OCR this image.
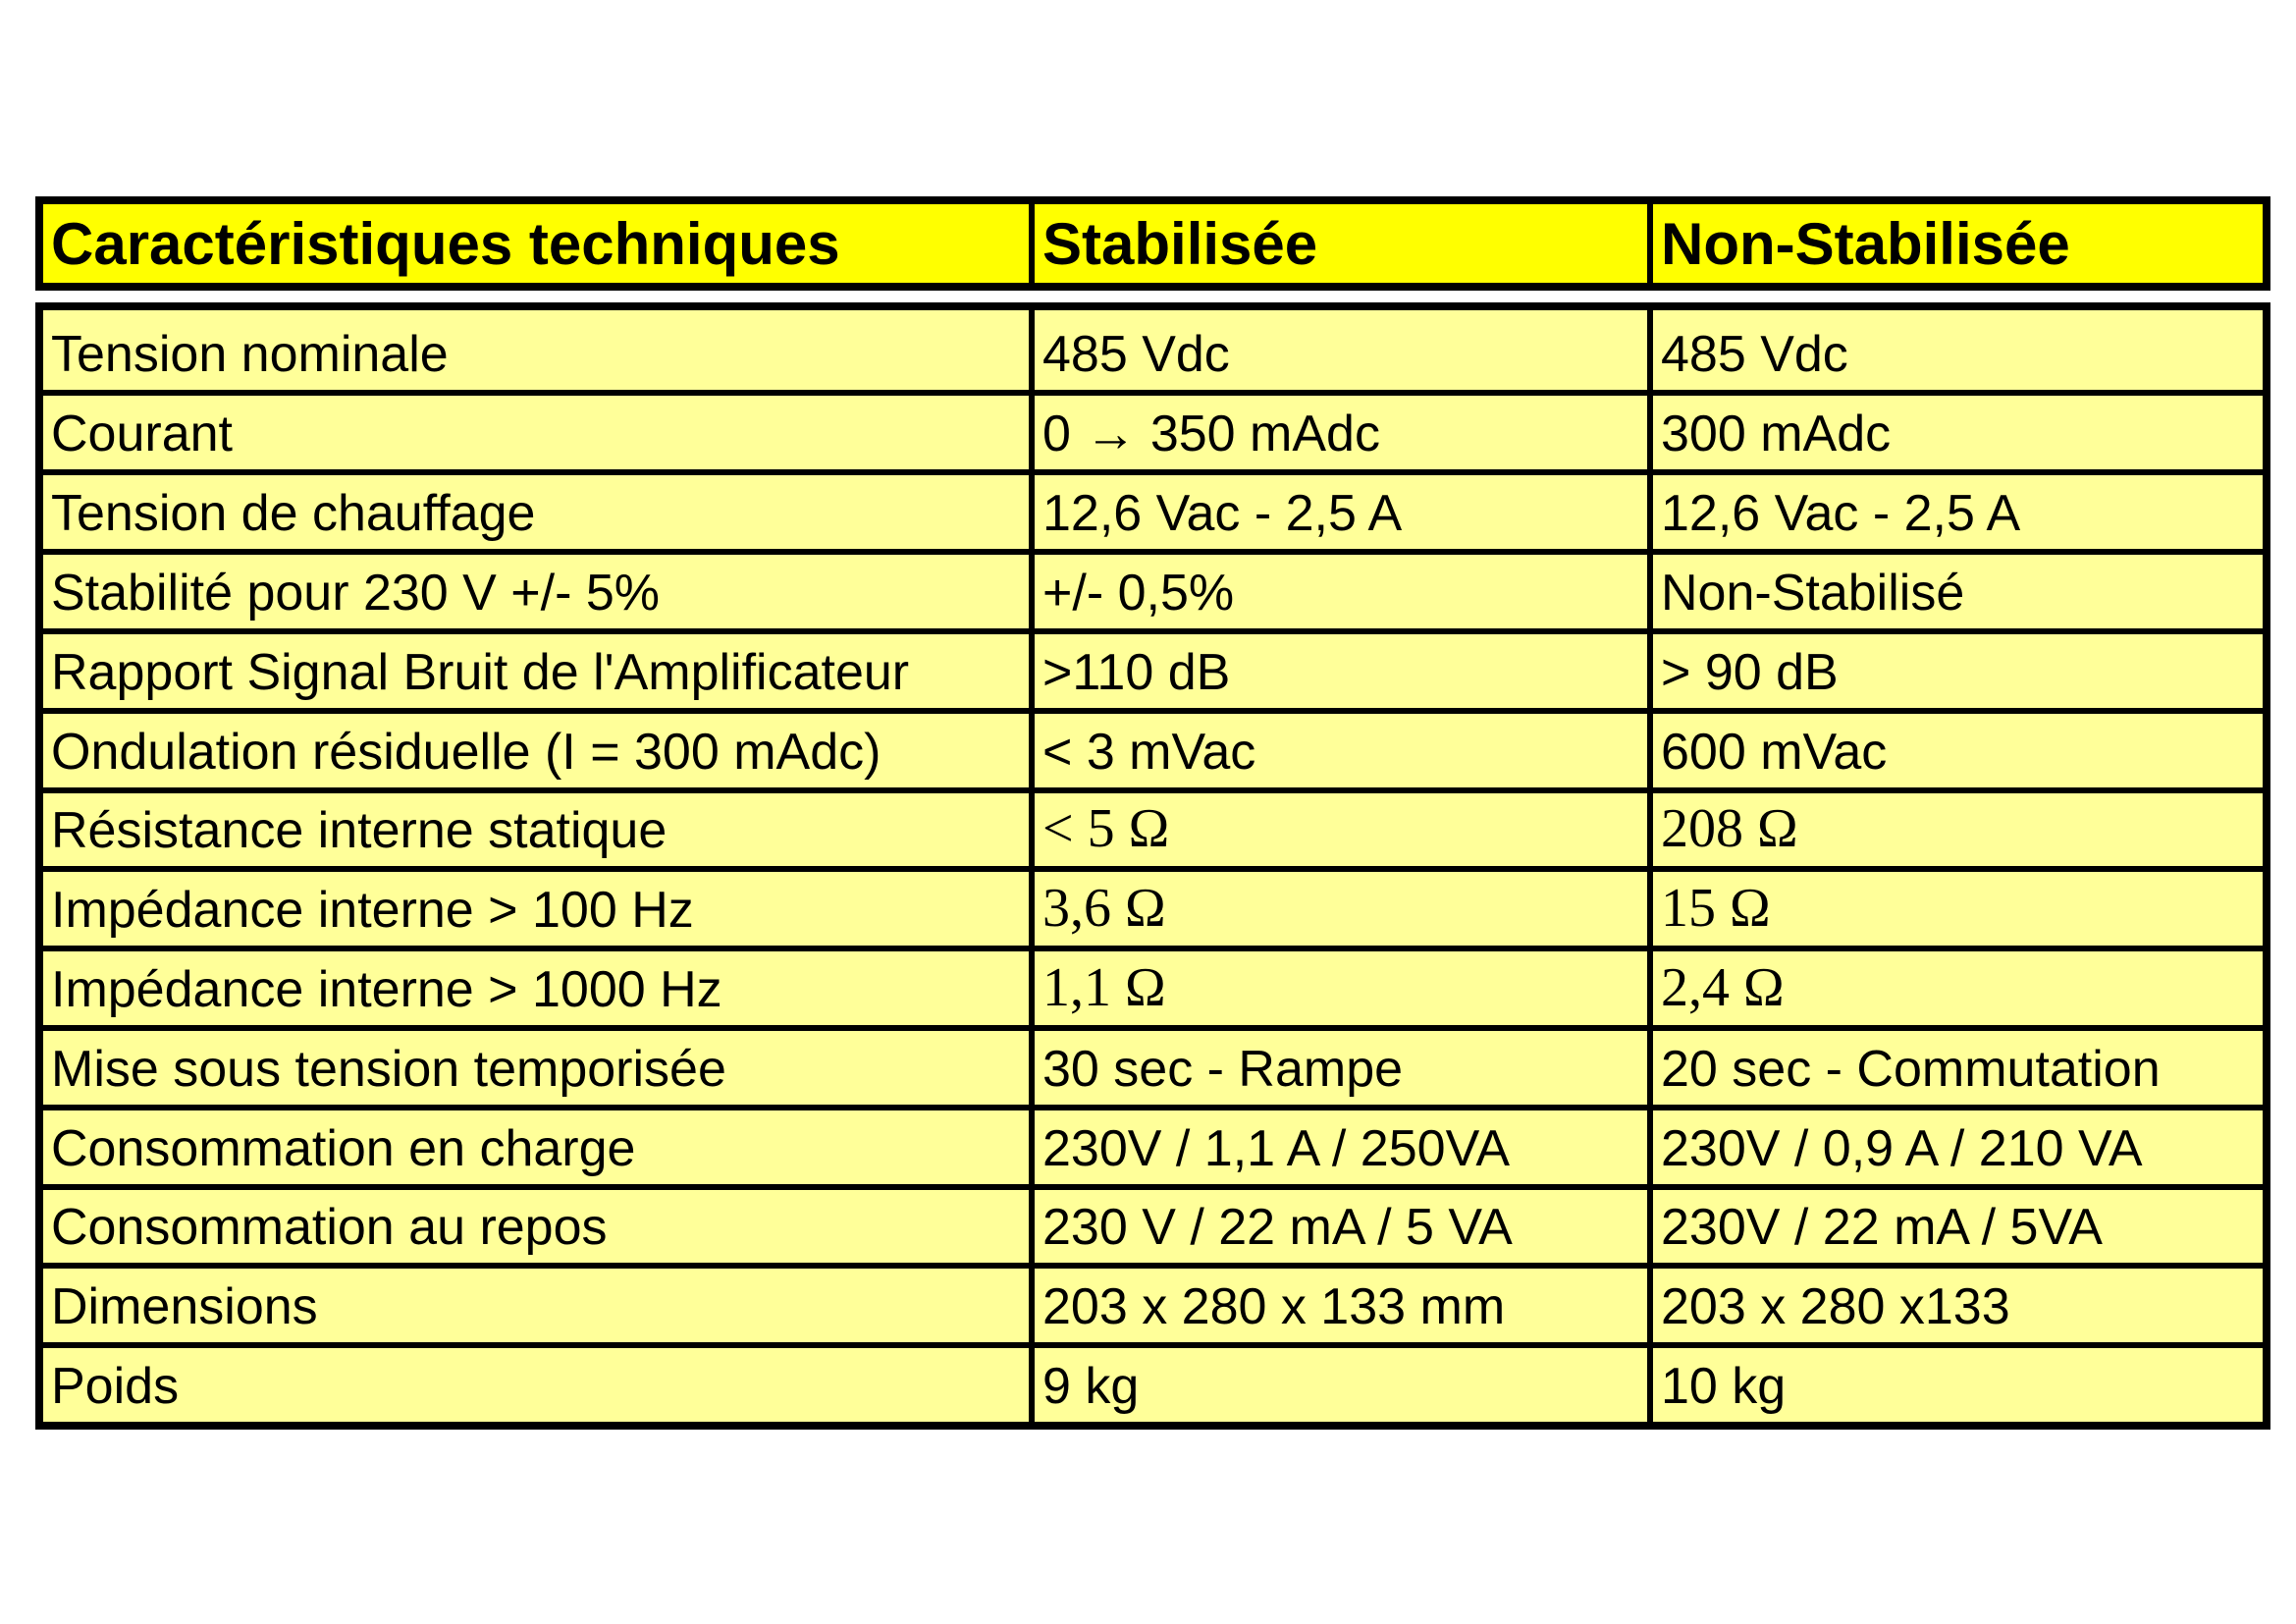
Caractéristiques techniques	Stabilisée	Non-Stabilisée
Tension nominale	485 Vdc	485 Vdc
Courant	0 → 350 mAdc	300 mAdc
Tension de chauffage	12,6 Vac - 2,5 A	12,6 Vac - 2,5 A
Stabilité pour 230 V +/- 5%	+/- 0,5%	Non-Stabilisé
Rapport Signal Bruit de l'Amplificateur	>110 dB	> 90 dB
Ondulation résiduelle (I = 300 mAdc)	< 3 mVac	600 mVac
Résistance interne statique	< 5 Ω	208 Ω
Impédance interne > 100 Hz	3,6 Ω	15 Ω
Impédance interne > 1000 Hz	1,1 Ω	2,4 Ω
Mise sous tension temporisée	30 sec - Rampe	20 sec - Commutation
Consommation en charge	230V / 1,1 A / 250VA	230V / 0,9 A / 210 VA
Consommation au repos	230 V / 22 mA / 5 VA	230V / 22 mA / 5VA
Dimensions	203 x 280 x 133 mm	203 x 280 x133
Poids	9 kg	10 kg
